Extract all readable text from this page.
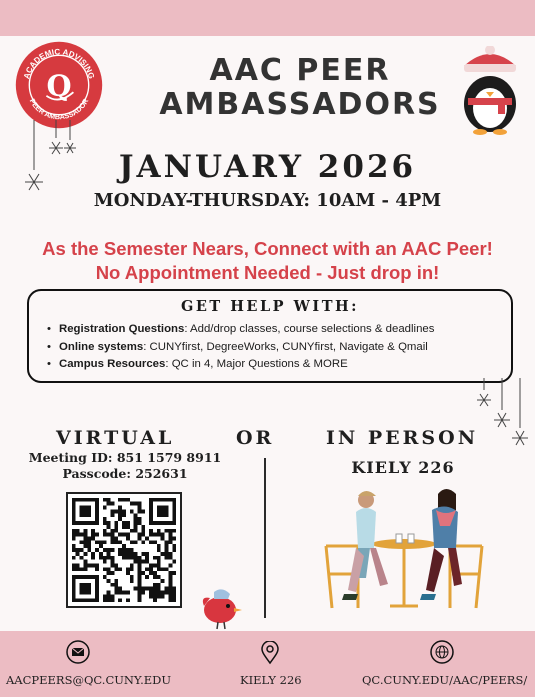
ACADEMIC ADVISING
PEER AMBASSADOR
Q	AAC PEER
AMBASSADORS
JANUARY 2026
MONDAY-THURSDAY: 10AM - 4PM
As the Semester Nears, Connect with an AAC Peer!
No Appointment Needed - Just drop in!
GET HELP WITH:
• Registration Questions: Add/drop classes, course selections & deadlines
• Online systems: CUNYfirst, DegreeWorks, CUNYfirst, Navigate & Qmail
• Campus Resources: QC in 4, Major Questions & MORE
VIRTUAL	OR	IN PERSON
Meeting ID: 851 1579 8911
Passcode: 252631	KIELY 226
AACPEERS@QC.CUNY.EDU	KIELY 226	QC.CUNY.EDU/AAC/PEERS/
